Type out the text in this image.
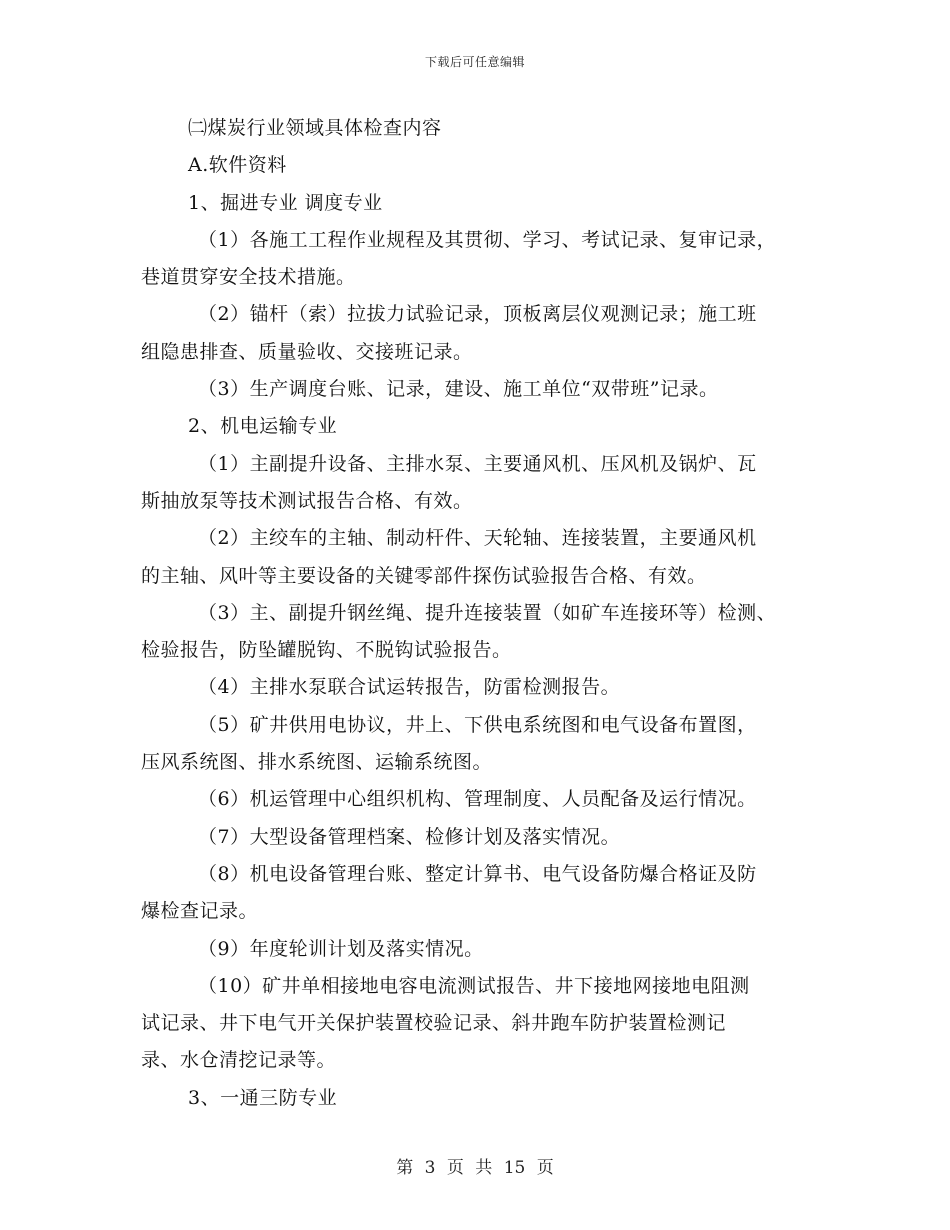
下载后可任意编辑
㈡煤炭行业领域具体检查内容
A.软件资料
1、掘进专业 调度专业
（1）各施工工程作业规程及其贯彻、学习、考试记录、复审记录，
巷道贯穿安全技术措施。
（2）锚杆（索）拉拔力试验记录，顶板离层仪观测记录；施工班
组隐患排查、质量验收、交接班记录。
（3）生产调度台账、记录，建设、施工单位“双带班”记录。
2、机电运输专业
（1）主副提升设备、主排水泵、主要通风机、压风机及锅炉、瓦
斯抽放泵等技术测试报告合格、有效。
（2）主绞车的主轴、制动杆件、天轮轴、连接装置，主要通风机
的主轴、风叶等主要设备的关键零部件探伤试验报告合格、有效。
（3）主、副提升钢丝绳、提升连接装置（如矿车连接环等）检测、
检验报告，防坠罐脱钩、不脱钩试验报告。
（4）主排水泵联合试运转报告，防雷检测报告。
（5）矿井供用电协议，井上、下供电系统图和电气设备布置图，
压风系统图、排水系统图、运输系统图。
（6）机运管理中心组织机构、管理制度、人员配备及运行情况。
（7）大型设备管理档案、检修计划及落实情况。
（8）机电设备管理台账、整定计算书、电气设备防爆合格证及防
爆检查记录。
（9）年度轮训计划及落实情况。
（10）矿井单相接地电容电流测试报告、井下接地网接地电阻测
试记录、井下电气开关保护装置校验记录、斜井跑车防护装置检测记
录、水仓清挖记录等。
3、一通三防专业
第 3 页 共 15 页
